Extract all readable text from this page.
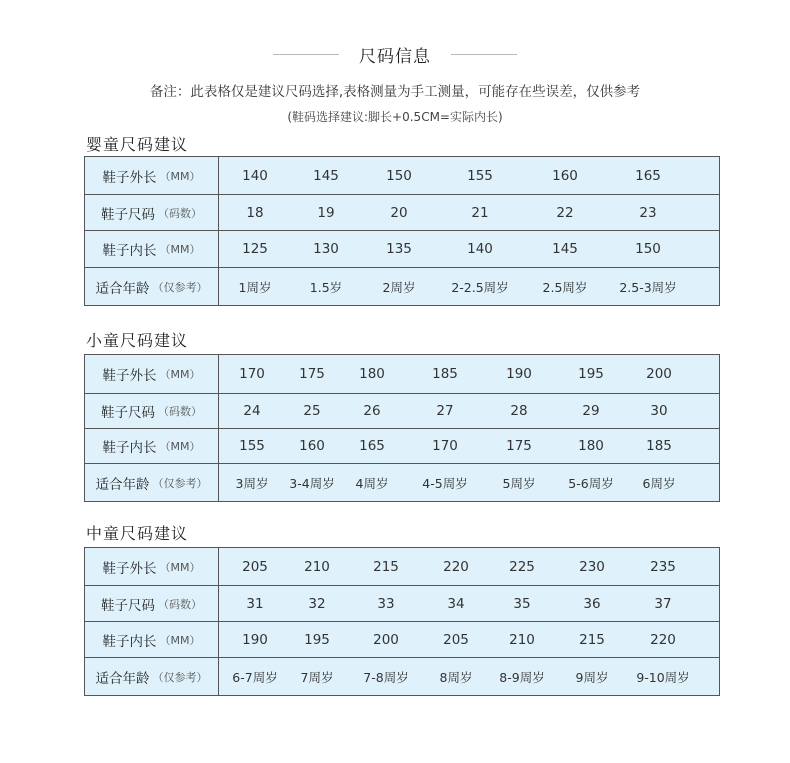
尺码信息
备注：此表格仅是建议尺码选择,表格测量为手工测量，可能存在些误差，仅供参考
(鞋码选择建议:脚长+0.5CM=实际内长)
婴童尺码建议
鞋子外长 （MM）	140	145	150	155	160	165
鞋子尺码 （码数）	18	19	20	21	22	23
鞋子内长 （MM）	125	130	135	140	145	150
适合年龄 （仅参考） 1周岁	1.5岁	2周岁	2-2.5周岁	2.5周岁	2.5-3周岁
小童尺码建议
鞋子外长 （MM）	170	175	180	185	190	195	200
鞋子尺码 （码数）	24	25	26	27	28	29	30
鞋子内长 （MM）	155	160	165	170	175	180	185
适合年龄 （仅参考） 3周岁 3-4周岁 4周岁	4-5周岁	5周岁	5-6周岁 6周岁
中童尺码建议
鞋子外长 （MM）	205	210	215	220	225	230	235
鞋子尺码 （码数）	31	32	33	34	35	36	37
鞋子内长 （MM）	190	195	200	205	210	215	220
适合年龄 （仅参考） 6-7周岁 7周岁 7-8周岁 8周岁 8-9周岁 9周岁 9-10周岁
